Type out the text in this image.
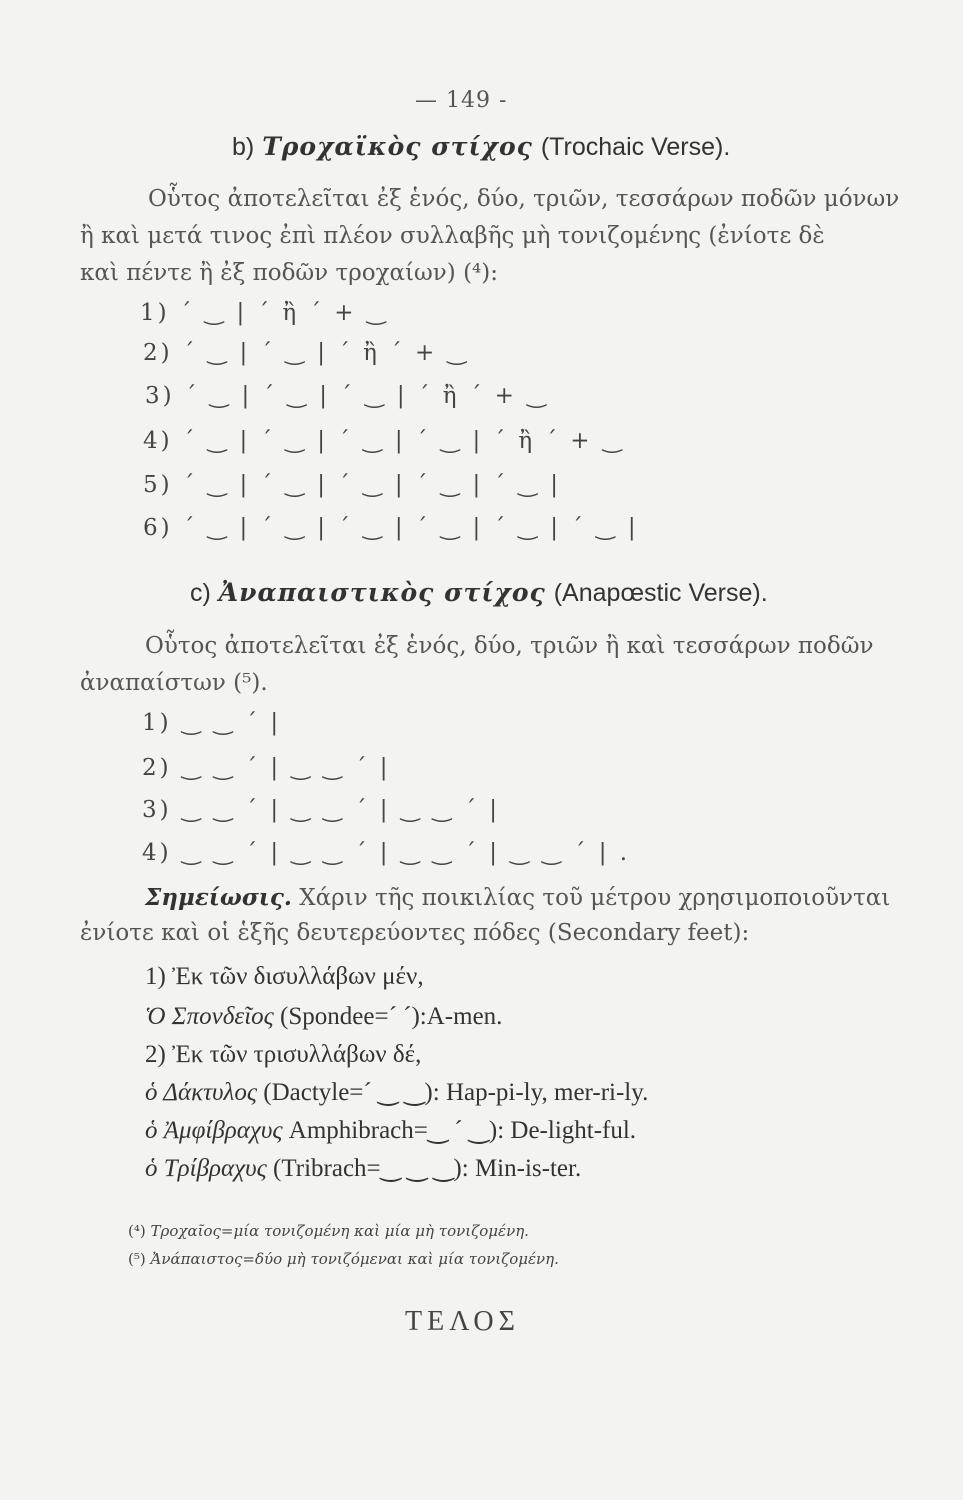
— 149 -
b) Τροχαϊκὸς στίχος (Trochaic Verse).
Οὗτος ἀποτελεῖται ἐξ ἑνός, δύο, τριῶν, τεσσάρων ποδῶν μόνων
ἢ καὶ μετά τινος ἐπὶ πλέον συλλαβῆς μὴ τονιζομένης (ἐνίοτε δὲ
καὶ πέντε ἢ ἐξ ποδῶν τροχαίων) (⁴):
1) ´ ‿ | ´ ἢ ´ + ‿
2) ´ ‿ | ´ ‿ | ´ ἢ ´ + ‿
3) ´ ‿ | ´ ‿ | ´ ‿ | ´ ἢ ´ + ‿
4) ´ ‿ | ´ ‿ | ´ ‿ | ´ ‿ | ´ ἢ ´ + ‿
5) ´ ‿ | ´ ‿ | ´ ‿ | ´ ‿ | ´ ‿ |
6) ´ ‿ | ´ ‿ | ´ ‿ | ´ ‿ | ´ ‿ | ´ ‿ |
c) Ἀναπαιστικὸς στίχος (Anapœstic Verse).
Οὗτος ἀποτελεῖται ἐξ ἑνός, δύο, τριῶν ἢ καὶ τεσσάρων ποδῶν
ἀναπαίστων (⁵).
1) ‿ ‿ ´ |
2) ‿ ‿ ´ | ‿ ‿ ´ |
3) ‿ ‿ ´ | ‿ ‿ ´ | ‿ ‿ ´ |
4) ‿ ‿ ´ | ‿ ‿ ´ | ‿ ‿ ´ | ‿ ‿ ´ | .
Σημείωσις. Χάριν τῆς ποικιλίας τοῦ μέτρου χρησιμοποιοῦνται
ἐνίοτε καὶ οἱ ἑξῆς δευτερεύοντες πόδες (Secondary feet):
1) Ἐκ τῶν δισυλλάβων μέν,
Ὁ Σπονδεῖος (Spondee=´ ´):A-men.
2) Ἐκ τῶν τρισυλλάβων δέ,
ὁ Δάκτυλος (Dactyle=´ ‿ ‿): Hap-pi-ly, mer-ri-ly.
ὁ Ἀμφίβραχυς Amphibrach=‿ ´ ‿): De-light-ful.
ὁ Τρίβραχυς (Tribrach=‿ ‿ ‿): Min-is-ter.
(⁴) Τροχαῖος=μία τονιζομένη καὶ μία μὴ τονιζομένη.
(⁵) Ἀνάπαιστος=δύο μὴ τονιζόμεναι καὶ μία τονιζομένη.
ΤΕΛΟΣ
